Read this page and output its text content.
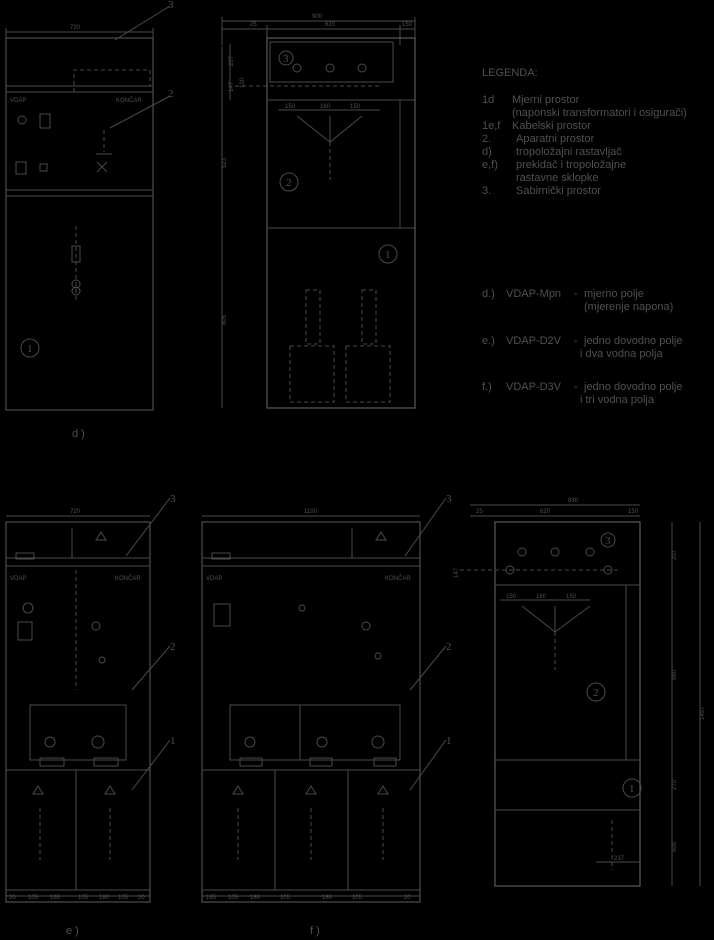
720
VDAP	KONČAR
1
3
2
d )
900
25	620	150
207
147 100
3
150	160	150
2
923
805
1
LEGENDA:
1d Mjerni prostor
(naponski transformatori i osigurači)
1e,f Kabelski prostor
2. Aparatni prostor
d) tropoložajni rastavljač
e,f) prekidač i tropoložajne
rastavne sklopke
3. Sabirnički prostor
d.) VDAP-Mpn - mjerno polje
(mjerenje napona)
e.) VDAP-D2V - jedno dovodno polje
i dva vodna polja
f.) VDAP-D3V - jedno dovodno polje
i tri vodna polja
720
VDAP	KONČAR
3
2
1
20 105 165	105 180 105 20
e )
1100
VDAP	KONČAR
3
2
1
165 105 180	105	180	105	20
f )
830
25	620	150
147
3
150	160	150
2
1
207
960
270
500
1457
237
